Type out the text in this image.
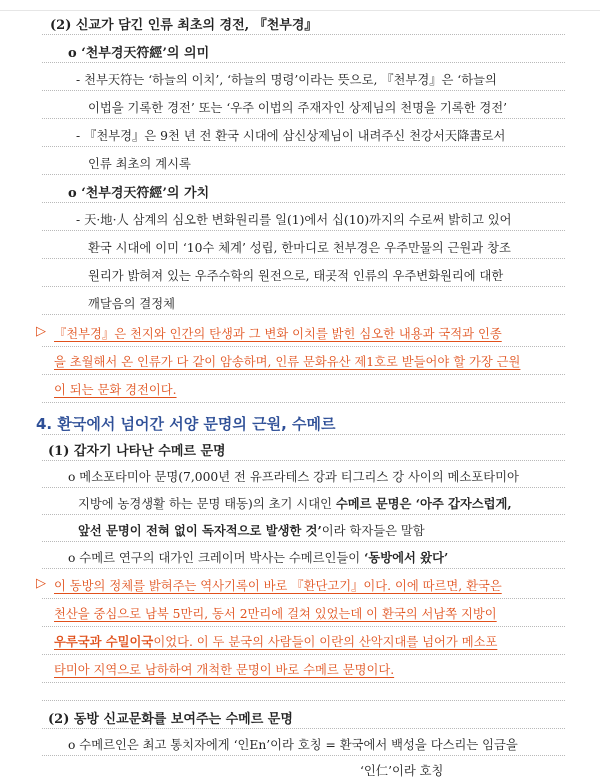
(2) 신교가 담긴 인류 최초의 경전, 『천부경』
o ‘천부경天符經’의 의미
- 천부天符는 ‘하늘의 이치’, ‘하늘의 명령’이라는 뜻으로, 『천부경』은 ‘하늘의
이법을 기록한 경전’ 또는 ‘우주 이법의 주재자인 상제님의 천명을 기록한 경전’
- 『천부경』은 9천 년 전 환국 시대에 삼신상제님이 내려주신 천강서天降書로서
인류 최초의 계시록
o ‘천부경天符經’의 가치
- 天·地·人 삼계의 심오한 변화원리를 일(1)에서 십(10)까지의 수로써 밝히고 있어
환국 시대에 이미 ‘10수 체계’ 성립, 한마디로 천부경은 우주만물의 근원과 창조
원리가 밝혀져 있는 우주수학의 원전으로, 태곳적 인류의 우주변화원리에 대한
깨달음의 결정체
▷ 『천부경』은 천지와 인간의 탄생과 그 변화 이치를 밝힌 심오한 내용과 국적과 인종
을 초월해서 온 인류가 다 같이 암송하며, 인류 문화유산 제1호로 받들어야 할 가장 근원
이 되는 문화 경전이다.
4. 환국에서 넘어간 서양 문명의 근원, 수메르
(1) 갑자기 나타난 수메르 문명
o 메소포타미아 문명(7,000년 전 유프라테스 강과 티그리스 강 사이의 메소포타미아
지방에 농경생활 하는 문명 태동)의 초기 시대인 수메르 문명은 ‘아주 갑자스럽게,
앞선 문명이 전혀 없이 독자적으로 발생한 것’이라 학자들은 말함
o 수메르 연구의 대가인 크레이머 박사는 수메르인들이 ‘동방에서 왔다’
▷ 이 동방의 정체를 밝혀주는 역사기록이 바로 『환단고기』이다. 이에 따르면, 환국은
천산을 중심으로 남북 5만리, 동서 2만리에 걸쳐 있었는데 이 환국의 서남쪽 지방이
우루국과 수밀이국이었다. 이 두 분국의 사람들이 이란의 산악지대를 넘어가 메소포
타미아 지역으로 남하하여 개척한 문명이 바로 수메르 문명이다.
(2) 동방 신교문화를 보여주는 수메르 문명
o 수메르인은 최고 통치자에게 ‘인En’이라 호칭 = 환국에서 백성을 다스리는 임금을
‘인仁’이라 호칭
